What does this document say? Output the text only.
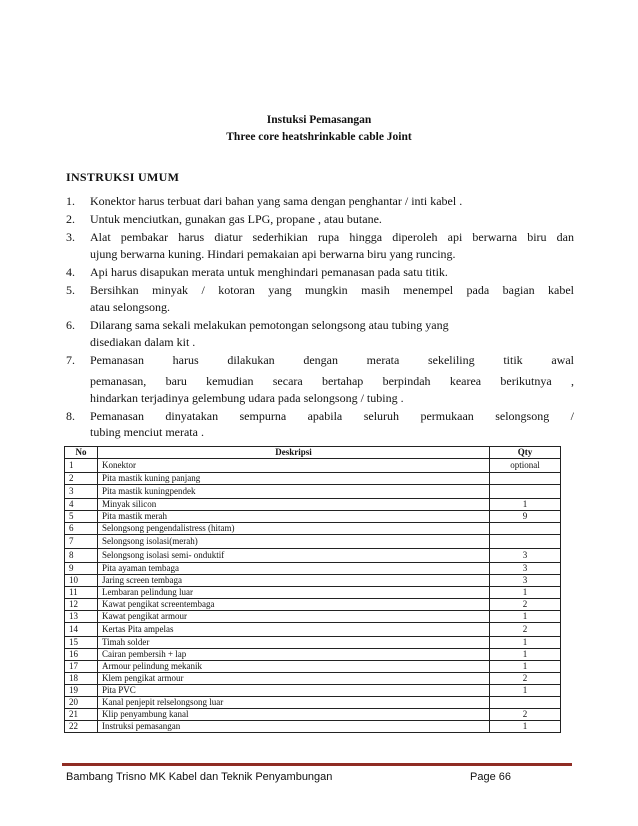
Instuksi Pemasangan
Three core heatshrinkable cable Joint
INSTRUKSI UMUM
1.	Konektor harus terbuat dari bahan yang sama dengan penghantar / inti kabel .
2.	Untuk menciutkan, gunakan gas LPG, propane , atau butane.
3.	Alat pembakar harus diatur sederhikian rupa hingga diperoleh api berwarna biru dan
ujung berwarna kuning. Hindari pemakaian api berwarna biru yang runcing.
4.	Api harus disapukan merata untuk menghindari pemanasan pada satu titik.
5.	Bersihkan minyak / kotoran yang mungkin masih menempel pada bagian kabel
atau selongsong.
6.	Dilarang sama sekali melakukan pemotongan selongsong atau tubing yang
disediakan dalam kit .
7.	Pemanasan harus dilakukan dengan merata sekeliling titik awal
pemanasan, baru kemudian secara bertahap berpindah kearea berikutnya ,
hindarkan terjadinya gelembung udara pada selongsong / tubing .
8.	Pemanasan dinyatakan sempurna apabila seluruh permukaan selongsong /
tubing menciut merata .
No	Deskripsi	Qty
1	Konektor	optional
2	Pita mastik kuning panjang	
3	Pita mastik kuningpendek	
4	Minyak silicon	1
5	Pita mastik merah	9
6	Selongsong pengendalistress (hitam)	
7	Selongsong isolasi(merah)	
8	Selongsong isolasi semi- onduktif	3
9	Pita ayaman tembaga	3
10	Jaring screen tembaga	3
11	Lembaran pelindung luar	1
12	Kawat pengikat screentembaga	2
13	Kawat pengikat armour	1
14	Kertas Pita ampelas	2
15	Timah solder	1
16	Cairan pembersih + lap	1
17	Armour pelindung mekanik	1
18	Klem pengikat armour	2
19	Pita PVC	1
20	Kanal penjepit relselongsong luar	
21	Klip penyambung kanal	2
22	Instruksi pemasangan	1
Bambang Trisno MK Kabel dan Teknik Penyambungan	Page 66
